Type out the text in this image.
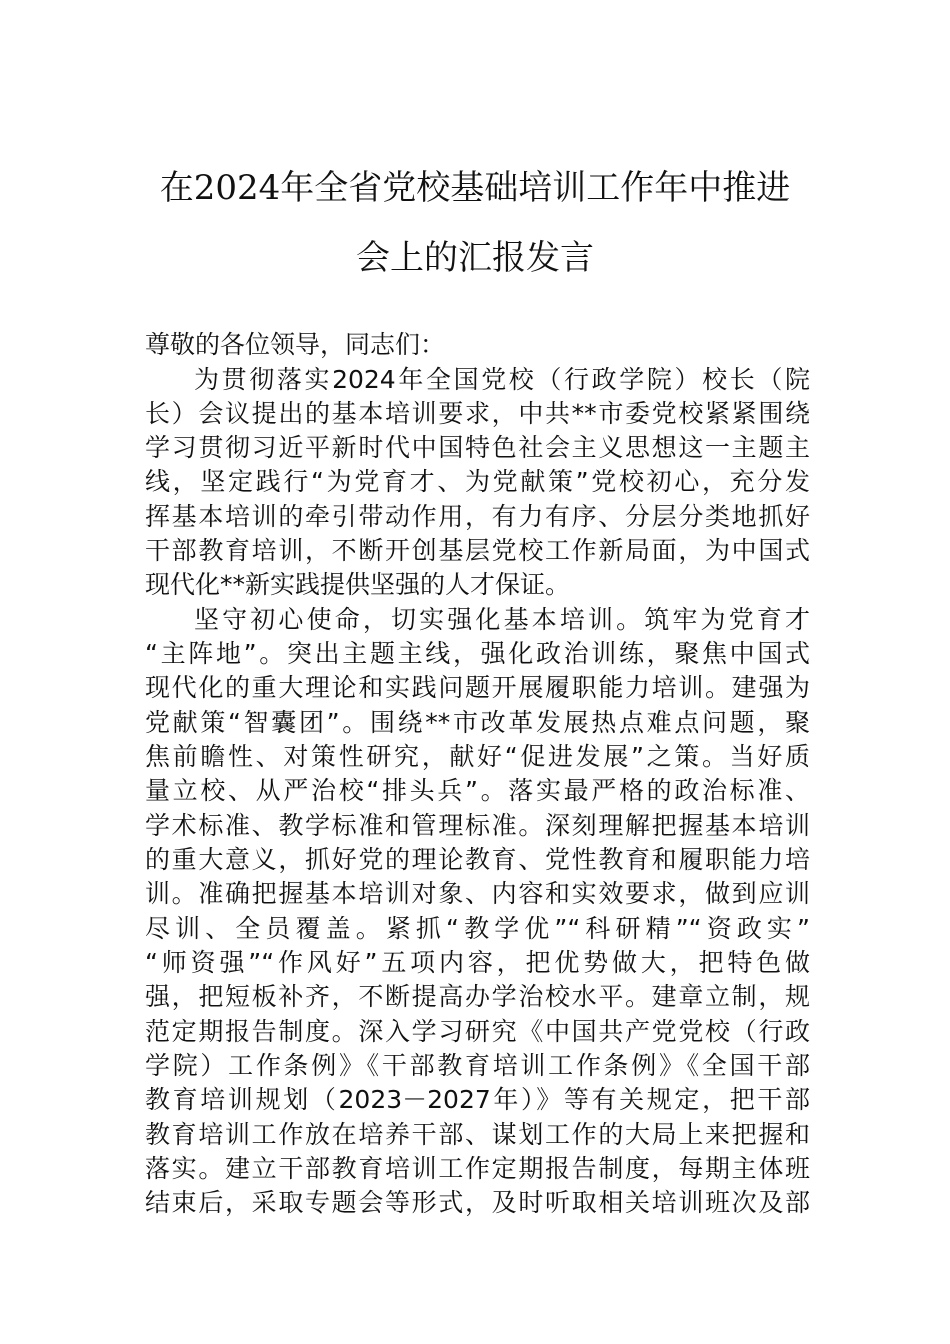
在2024年全省党校基础培训工作年中推进
会上的汇报发言
尊敬的各位领导，同志们：
为贯彻落实2024年全国党校（行政学院）校长（院
长）会议提出的基本培训要求，中共**市委党校紧紧围绕
学习贯彻习近平新时代中国特色社会主义思想这一主题主
线，坚定践行“为党育才、为党献策”党校初心，充分发
挥基本培训的牵引带动作用，有力有序、分层分类地抓好
干部教育培训，不断开创基层党校工作新局面，为中国式
现代化**新实践提供坚强的人才保证。
坚守初心使命，切实强化基本培训。筑牢为党育才
“主阵地”。突出主题主线，强化政治训练，聚焦中国式
现代化的重大理论和实践问题开展履职能力培训。建强为
党献策“智囊团”。围绕**市改革发展热点难点问题，聚
焦前瞻性、对策性研究，献好“促进发展”之策。当好质
量立校、从严治校“排头兵”。落实最严格的政治标准、
学术标准、教学标准和管理标准。深刻理解把握基本培训
的重大意义，抓好党的理论教育、党性教育和履职能力培
训。准确把握基本培训对象、内容和实效要求，做到应训
尽训、全员覆盖。紧抓“教学优”“科研精”“资政实”
“师资强”“作风好”五项内容，把优势做大，把特色做
强，把短板补齐，不断提高办学治校水平。建章立制，规
范定期报告制度。深入学习研究《中国共产党党校（行政
学院）工作条例》《干部教育培训工作条例》《全国干部
教育培训规划（2023－2027年）》等有关规定，把干部
教育培训工作放在培养干部、谋划工作的大局上来把握和
落实。建立干部教育培训工作定期报告制度，每期主体班
结束后，采取专题会等形式，及时听取相关培训班次及部
